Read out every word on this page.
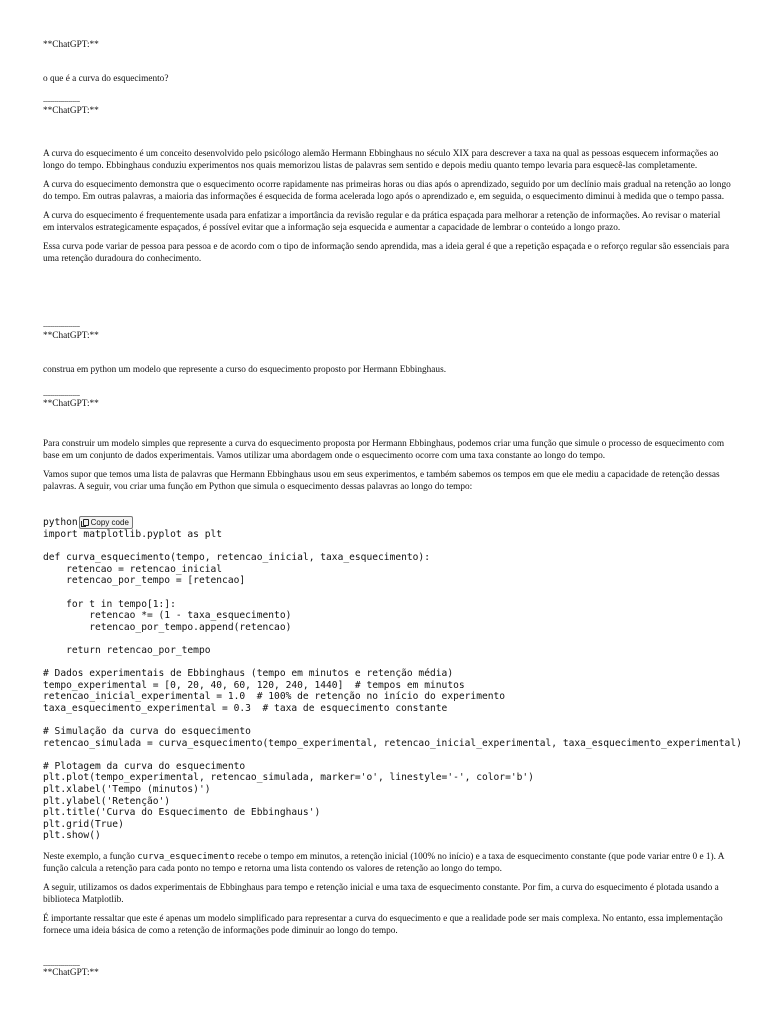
**ChatGPT:**

o que é a curva do esquecimento?

-------------------

**ChatGPT:**

A curva do esquecimento é um conceito desenvolvido pelo psicólogo alemão Hermann Ebbinghaus no século XIX para descrever a taxa na qual as pessoas esquecem informações ao longo do tempo. Ebbinghaus conduziu experimentos nos quais memorizou listas de palavras sem sentido e depois mediu quanto tempo levaria para esquecê-las completamente.

A curva do esquecimento demonstra que o esquecimento ocorre rapidamente nas primeiras horas ou dias após o aprendizado, seguido por um declínio mais gradual na retenção ao longo do tempo. Em outras palavras, a maioria das informações é esquecida de forma acelerada logo após o aprendizado e, em seguida, o esquecimento diminui à medida que o tempo passa.

A curva do esquecimento é frequentemente usada para enfatizar a importância da revisão regular e da prática espaçada para melhorar a retenção de informações. Ao revisar o material em intervalos estrategicamente espaçados, é possível evitar que a informação seja esquecida e aumentar a capacidade de lembrar o conteúdo a longo prazo.

Essa curva pode variar de pessoa para pessoa e de acordo com o tipo de informação sendo aprendida, mas a ideia geral é que a repetição espaçada e o reforço regular são essenciais para uma retenção duradoura do conhecimento.

-------------------

**ChatGPT:**

construa em python um modelo que represente a curso do esquecimento proposto por Hermann Ebbinghaus.

-------------------

**ChatGPT:**

Para construir um modelo simples que represente a curva do esquecimento proposta por Hermann Ebbinghaus, podemos criar uma função que simule o processo de esquecimento com base em um conjunto de dados experimentais. Vamos utilizar uma abordagem onde o esquecimento ocorre com uma taxa constante ao longo do tempo.

Vamos supor que temos uma lista de palavras que Hermann Ebbinghaus usou em seus experimentos, e também sabemos os tempos em que ele mediu a capacidade de retenção dessas palavras. A seguir, vou criar uma função em Python que simula o esquecimento dessas palavras ao longo do tempo:

python Copy code
import matplotlib.pyplot as plt

def curva_esquecimento(tempo, retencao_inicial, taxa_esquecimento):
retencao = retencao_inicial
retencao_por_tempo = [retencao]

for t in tempo[1:]:
retencao *= (1 - taxa_esquecimento)
retencao_por_tempo.append(retencao)

return retencao_por_tempo

# Dados experimentais de Ebbinghaus (tempo em minutos e retenção média)
tempo_experimental = [0, 20, 40, 60, 120, 240, 1440]  # tempos em minutos
retencao_inicial_experimental = 1.0  # 100% de retenção no início do experimento
taxa_esquecimento_experimental = 0.3  # taxa de esquecimento constante

# Simulação da curva do esquecimento
retencao_simulada = curva_esquecimento(tempo_experimental, retencao_inicial_experimental, taxa_esquecimento_experimental)

# Plotagem da curva do esquecimento
plt.plot(tempo_experimental, retencao_simulada, marker='o', linestyle='-', color='b')
plt.xlabel('Tempo (minutos)')
plt.ylabel('Retenção')
plt.title('Curva do Esquecimento de Ebbinghaus')
plt.grid(True)
plt.show()

Neste exemplo, a função curva_esquecimento recebe o tempo em minutos, a retenção inicial (100% no início) e a taxa de esquecimento constante (que pode variar entre 0 e 1). A função calcula a retenção para cada ponto no tempo e retorna uma lista contendo os valores de retenção ao longo do tempo.

A seguir, utilizamos os dados experimentais de Ebbinghaus para tempo e retenção inicial e uma taxa de esquecimento constante. Por fim, a curva do esquecimento é plotada usando a biblioteca Matplotlib.

É importante ressaltar que este é apenas um modelo simplificado para representar a curva do esquecimento e que a realidade pode ser mais complexa. No entanto, essa implementação fornece uma ideia básica de como a retenção de informações pode diminuir ao longo do tempo.

-------------------

**ChatGPT:**
